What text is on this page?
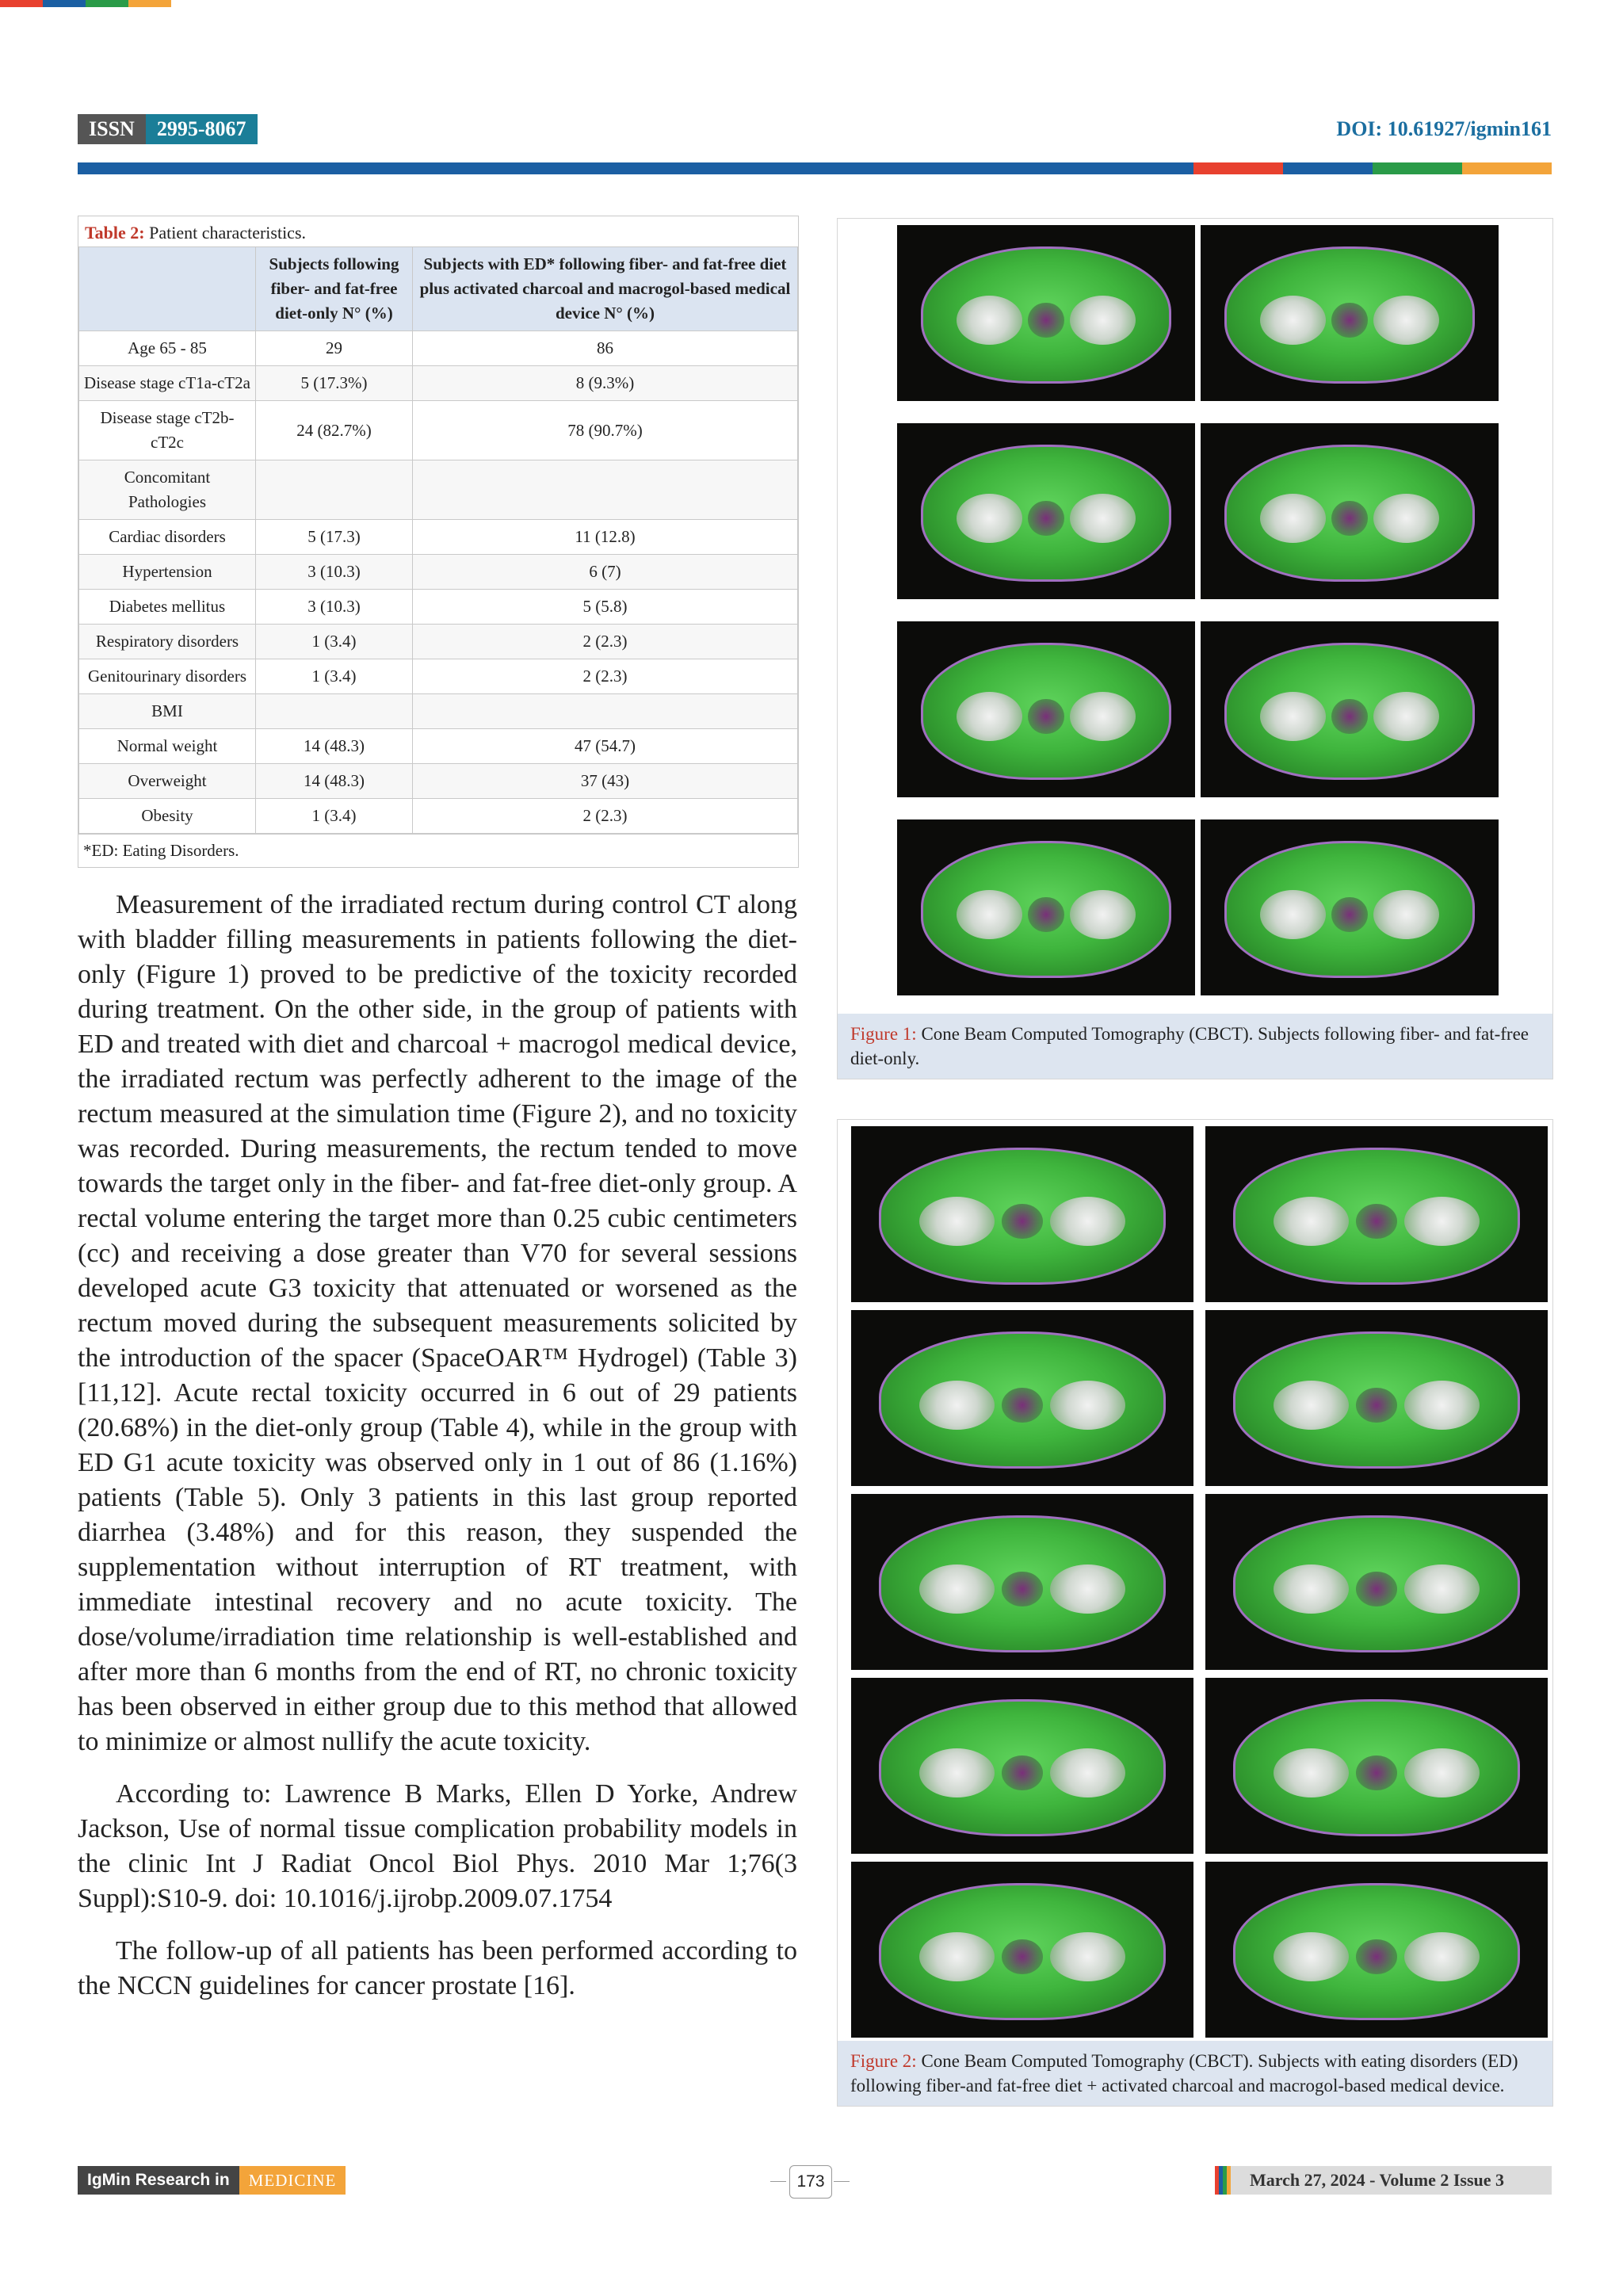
ISSN	2995-8067	DOI: 10.61927/igmin161
Table 2: Patient characteristics.
	Subjects following fiber- and fat-free diet-only N° (%)	Subjects with ED* following fiber- and fat-free diet plus activated charcoal and macrogol-based medical device N° (%)
Age 65 - 85	29	86
Disease stage cT1a-cT2a	5 (17.3%)	8 (9.3%)
Disease stage cT2b-cT2c	24 (82.7%)	78 (90.7%)
Concomitant Pathologies		
Cardiac disorders	5 (17.3)	11 (12.8)
Hypertension	3 (10.3)	6 (7)
Diabetes mellitus	3 (10.3)	5 (5.8)
Respiratory disorders	1 (3.4)	2 (2.3)
Genitourinary disorders	1 (3.4)	2 (2.3)
BMI		
Normal weight	14 (48.3)	47 (54.7)
Overweight	14 (48.3)	37 (43)
Obesity	1 (3.4)	2 (2.3)
*ED: Eating Disorders.

Measurement of the irradiated rectum during control CT along with bladder filling measurements in patients following the diet-only (Figure 1) proved to be predictive of the toxicity recorded during treatment. On the other side, in the group of patients with ED and treated with diet and charcoal + macrogol medical device, the irradiated rectum was perfectly adherent to the image of the rectum measured at the simulation time (Figure 2), and no toxicity was recorded. During measurements, the rectum tended to move towards the target only in the fiber- and fat-free diet-only group. A rectal volume entering the target more than 0.25 cubic centimeters (cc) and receiving a dose greater than V70 for several sessions developed acute G3 toxicity that attenuated or worsened as the rectum moved during the subsequent measurements solicited by the introduction of the spacer (SpaceOAR™ Hydrogel) (Table 3) [11,12]. Acute rectal toxicity occurred in 6 out of 29 patients (20.68%) in the diet-only group (Table 4), while in the group with ED G1 acute toxicity was observed only in 1 out of 86 (1.16%) patients (Table 5). Only 3 patients in this last group reported diarrhea (3.48%) and for this reason, they suspended the supplementation without interruption of RT treatment, with immediate intestinal recovery and no acute toxicity. The dose/volume/irradiation time relationship is well-established and after more than 6 months from the end of RT, no chronic toxicity has been observed in either group due to this method that allowed to minimize or almost nullify the acute toxicity.

According to: Lawrence B Marks, Ellen D Yorke, Andrew Jackson, Use of normal tissue complication probability models in the clinic Int J Radiat Oncol Biol Phys. 2010 Mar 1;76(3 Suppl):S10-9. doi: 10.1016/j.ijrobp.2009.07.1754

The follow-up of all patients has been performed according to the NCCN guidelines for cancer prostate [16].

Figure 1: Cone Beam Computed Tomography (CBCT). Subjects following fiber- and fat-free diet-only.
Figure 2: Cone Beam Computed Tomography (CBCT). Subjects with eating disorders (ED) following fiber-and fat-free diet + activated charcoal and macrogol-based medical device.
IgMin Research in	MEDICINE	173	March 27, 2024 - Volume 2 Issue 3
